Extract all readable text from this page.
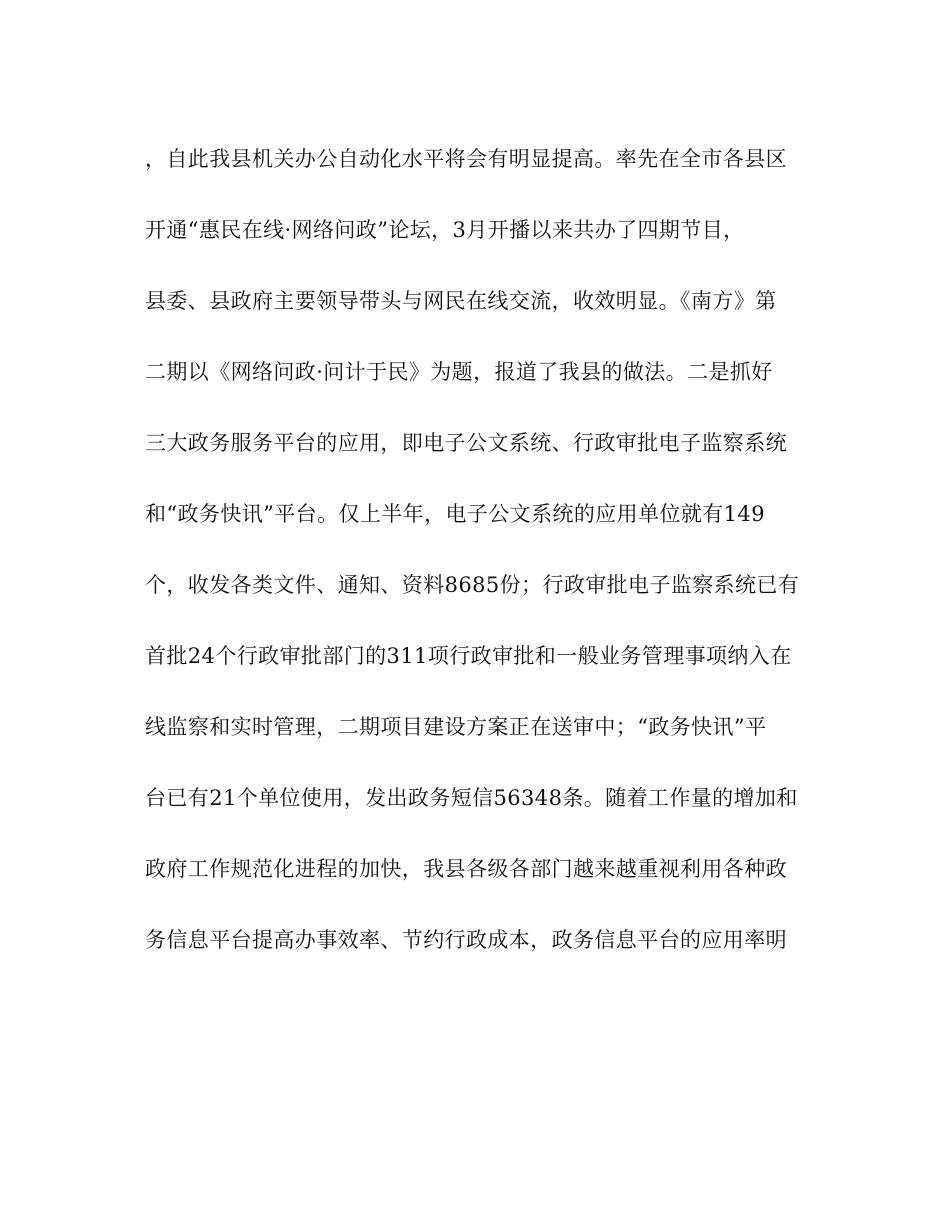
，自此我县机关办公自动化水平将会有明显提高。率先在全市各县区
开通“惠民在线·网络问政”论坛，3月开播以来共办了四期节目，
县委、县政府主要领导带头与网民在线交流，收效明显。《南方》第
二期以《网络问政·问计于民》为题，报道了我县的做法。二是抓好
三大政务服务平台的应用，即电子公文系统、行政审批电子监察系统
和“政务快讯”平台。仅上半年，电子公文系统的应用单位就有149
个，收发各类文件、通知、资料8685份；行政审批电子监察系统已有
首批24个行政审批部门的311项行政审批和一般业务管理事项纳入在
线监察和实时管理，二期项目建设方案正在送审中；“政务快讯”平
台已有21个单位使用，发出政务短信56348条。随着工作量的增加和
政府工作规范化进程的加快，我县各级各部门越来越重视利用各种政
务信息平台提高办事效率、节约行政成本，政务信息平台的应用率明
